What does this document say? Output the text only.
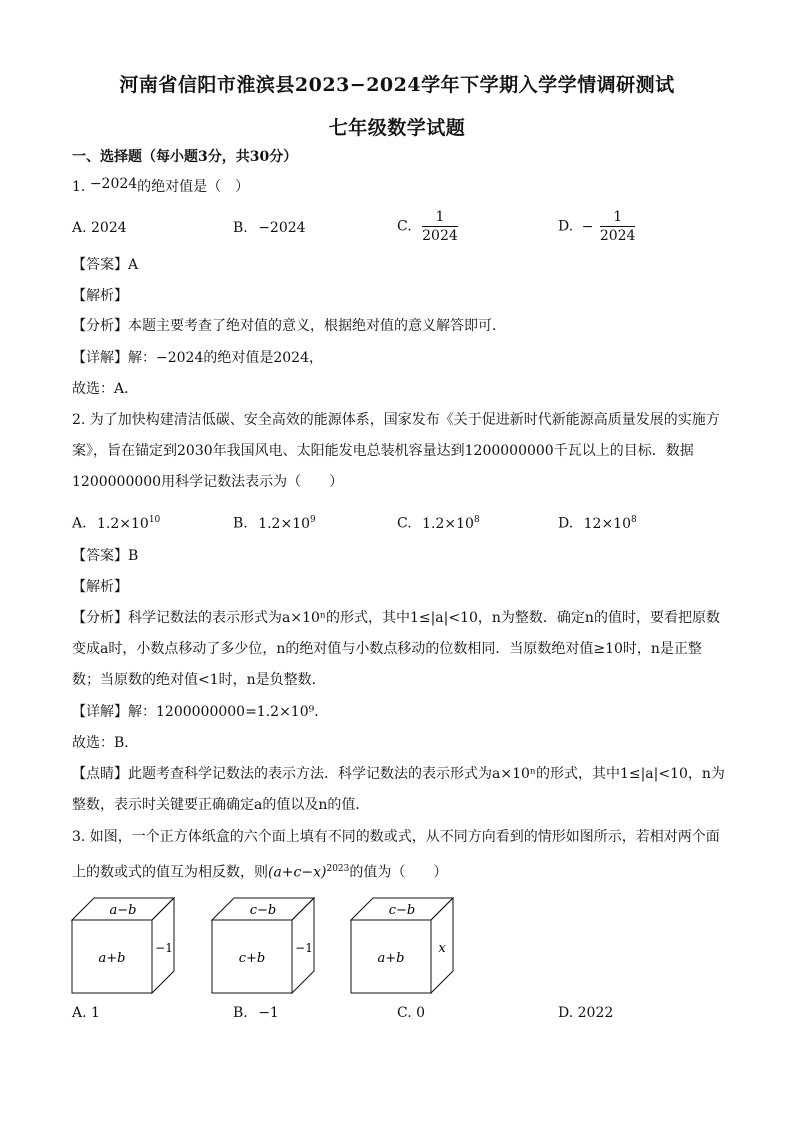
河南省信阳市淮滨县2023−2024学年下学期入学学情调研测试
七年级数学试题
一、选择题（每小题3分，共30分）
1. −2024的绝对值是（　）
A. 2024	B. −2024	C. $\frac{1}{2024}$	D. − $\frac{1}{2024}$
【答案】A
【解析】
【分析】本题主要考查了绝对值的意义，根据绝对值的意义解答即可．
【详解】解：−2024的绝对值是2024，
故选：A．
2. 为了加快构建清洁低碳、安全高效的能源体系，国家发布《关于促进新时代新能源高质量发展的实施方
案》，旨在锚定到2030年我国风电、太阳能发电总装机容量达到1200000000千瓦以上的目标．数据
1200000000用科学记数法表示为（　　）
A. $1.2\times 10^{10}$	B. $1.2\times 10^9$	C. $1.2\times 10^8$	D. $12\times 10^8$
【答案】B
【解析】
【分析】科学记数法的表示形式为a×10ⁿ的形式，其中1≤|a|<10，n为整数．确定n的值时，要看把原数
变成a时，小数点移动了多少位，n的绝对值与小数点移动的位数相同．当原数绝对值≥10时，n是正整
数；当原数的绝对值<1时，n是负整数．
【详解】解：1200000000=1.2×10⁹．
故选：B．
【点睛】此题考查科学记数法的表示方法．科学记数法的表示形式为a×10ⁿ的形式，其中1≤|a|<10，n为
整数，表示时关键要正确确定a的值以及n的值．
3. 如图，一个正方体纸盒的六个面上填有不同的数或式，从不同方向看到的情形如图所示，若相对两个面
上的数或式的值互为相反数，则$(a+c-x)^{2023}$的值为（　　）
a−b
a+b
−1
c−b
c+b
−1
c−b
a+b
x
A. 1	B. −1	C. 0	D. 2022
